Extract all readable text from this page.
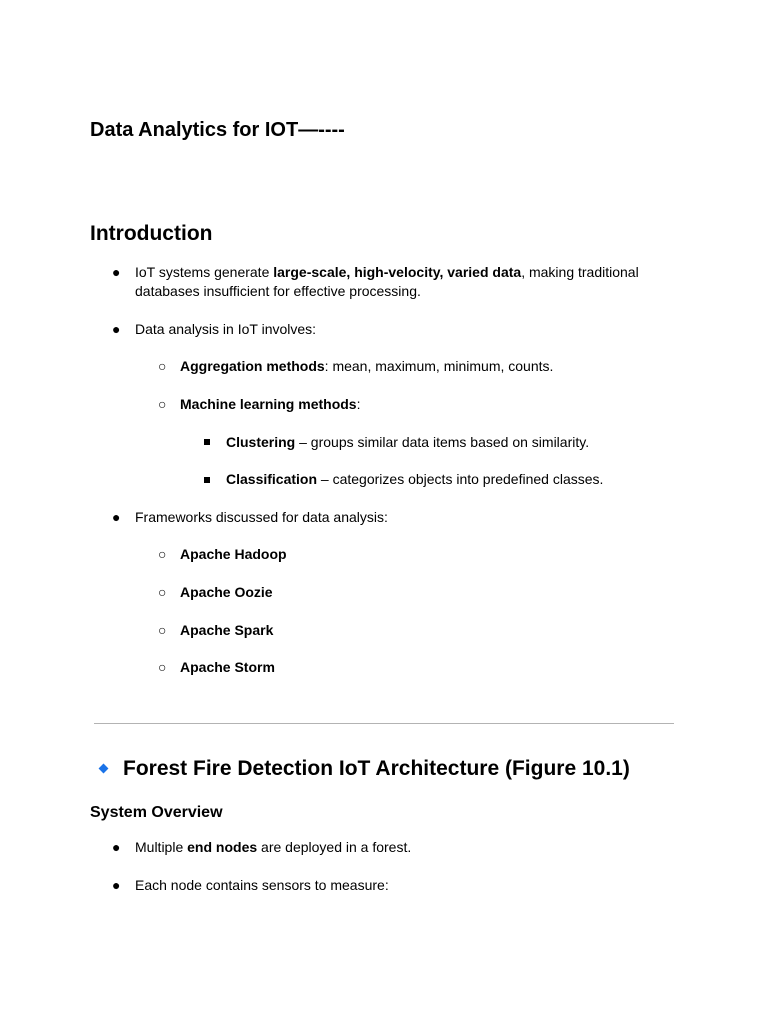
Data Analytics for IOT—----
Introduction
● IoT systems generate large-scale, high-velocity, varied data, making traditional
databases insufficient for effective processing.
● Data analysis in IoT involves:
○ Aggregation methods: mean, maximum, minimum, counts.
○ Machine learning methods:
Clustering – groups similar data items based on similarity.
Classification – categorizes objects into predefined classes.
● Frameworks discussed for data analysis:
○ Apache Hadoop
○ Apache Oozie
○ Apache Spark
○ Apache Storm
Forest Fire Detection IoT Architecture (Figure 10.1)
System Overview
● Multiple end nodes are deployed in a forest.
● Each node contains sensors to measure:
